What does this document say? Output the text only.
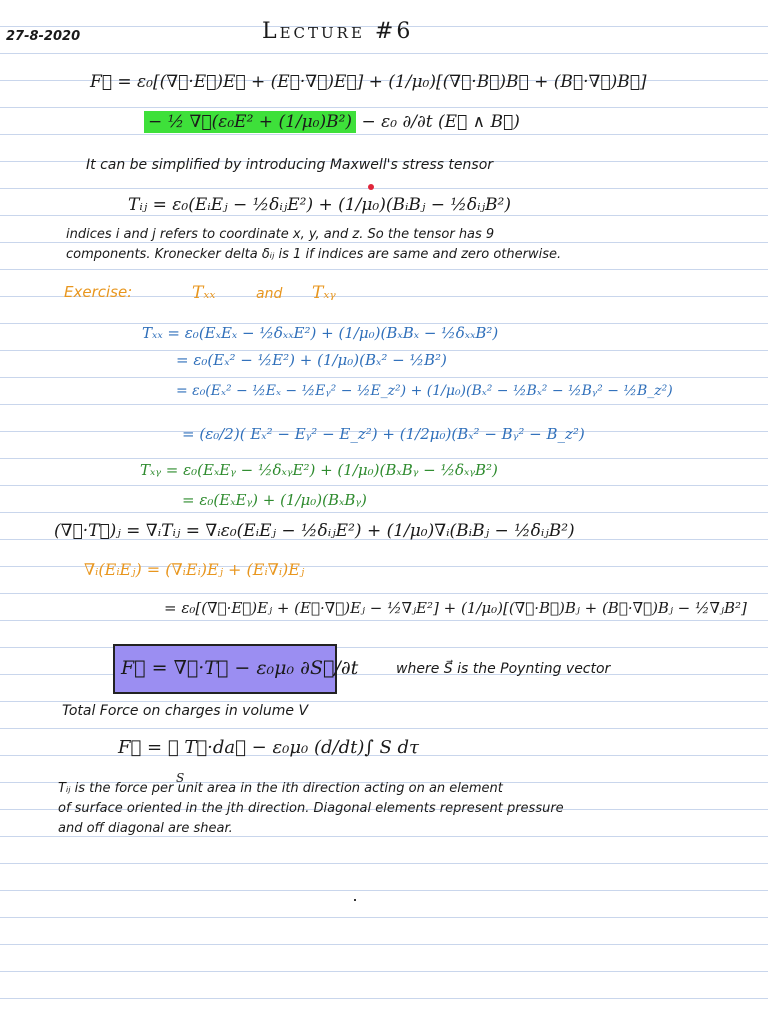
27-8-2020	Lecture #6
F⃗ = ε₀[(∇⃗·E⃗)E⃗ + (E⃗·∇⃗)E⃗] + (1/μ₀)[(∇⃗·B⃗)B⃗ + (B⃗·∇⃗)B⃗]
− ½ ∇⃗(ε₀E² + (1/μ₀)B²) − ε₀ ∂/∂t (E⃗ ∧ B⃗)
It can be simplified by introducing Maxwell's stress tensor
Tᵢⱼ = ε₀(EᵢEⱼ − ½δᵢⱼE²) + (1/μ₀)(BᵢBⱼ − ½δᵢⱼB²)
indices i and j refers to coordinate x, y, and z. So the tensor has 9
components. Kronecker delta δᵢⱼ is 1 if indices are same and zero otherwise.
Exercise:	Tₓₓ	and Tₓᵧ
Tₓₓ = ε₀(EₓEₓ − ½δₓₓE²) + (1/μ₀)(BₓBₓ − ½δₓₓB²)
= ε₀(Eₓ² − ½E²) + (1/μ₀)(Bₓ² − ½B²)
= ε₀(Eₓ² − ½Eₓ − ½Eᵧ² − ½E_z²) + (1/μ₀)(Bₓ² − ½Bₓ² − ½Bᵧ² − ½B_z²)
= (ε₀/2)( Eₓ² − Eᵧ² − E_z²) + (1/2μ₀)(Bₓ² − Bᵧ² − B_z²)
Tₓᵧ = ε₀(EₓEᵧ − ½δₓᵧE²) + (1/μ₀)(BₓBᵧ − ½δₓᵧB²)
= ε₀(EₓEᵧ) + (1/μ₀)(BₓBᵧ)
(∇⃗·T⃡)ⱼ = ∇ᵢTᵢⱼ = ∇ᵢε₀(EᵢEⱼ − ½δᵢⱼE²) + (1/μ₀)∇ᵢ(BᵢBⱼ − ½δᵢⱼB²)
∇ᵢ(EᵢEⱼ) = (∇ᵢEᵢ)Eⱼ + (Eᵢ∇ᵢ)Eⱼ
= ε₀[(∇⃗·E⃗)Eⱼ + (E⃗·∇⃗)Eⱼ − ½∇ⱼE²] + (1/μ₀)[(∇⃗·B⃗)Bⱼ + (B⃗·∇⃗)Bⱼ − ½∇ⱼB²]
F⃗ = ∇⃗·T⃡ − ε₀μ₀ ∂S⃗/∂t	where S⃗ is the Poynting vector
Total Force on charges in volume V
F⃗ = ∮ T⃡·da⃗ − ε₀μ₀ (d/dt)∫ S dτ
S
Tᵢⱼ is the force per unit area in the ith direction acting on an element
of surface oriented in the jth direction. Diagonal elements represent pressure
and off diagonal are shear.
